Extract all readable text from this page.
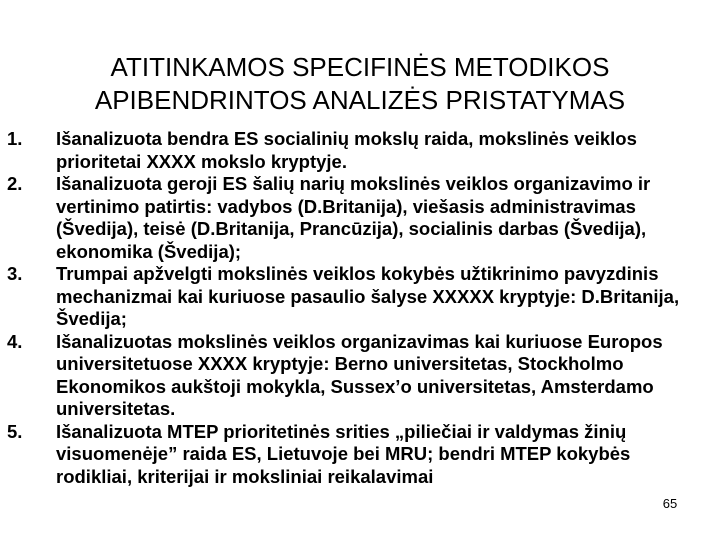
ATITINKAMOS SPECIFINĖS METODIKOS
APIBENDRINTOS ANALIZĖS PRISTATYMAS
1. Išanalizuota bendra ES socialinių mokslų raida, mokslinės veiklos prioritetai XXXX mokslo kryptyje.
2. Išanalizuota geroji ES šalių narių mokslinės veiklos organizavimo ir vertinimo patirtis: vadybos (D.Britanija), viešasis administravimas (Švedija), teisė (D.Britanija, Prancūzija), socialinis darbas (Švedija), ekonomika (Švedija);
3. Trumpai apžvelgti mokslinės veiklos kokybės užtikrinimo pavyzdinis mechanizmai kai kuriuose pasaulio šalyse XXXXX kryptyje: D.Britanija, Švedija;
4. Išanalizuotas mokslinės veiklos organizavimas kai kuriuose Europos universitetuose XXXX kryptyje: Berno universitetas, Stockholmo Ekonomikos aukštoji mokykla, Sussex’o universitetas, Amsterdamo universitetas.
5. Išanalizuota MTEP prioritetinės srities „piliečiai ir valdymas žinių visuomenėje” raida ES, Lietuvoje bei MRU; bendri MTEP kokybės rodikliai, kriterijai ir moksliniai reikalavimai
65
